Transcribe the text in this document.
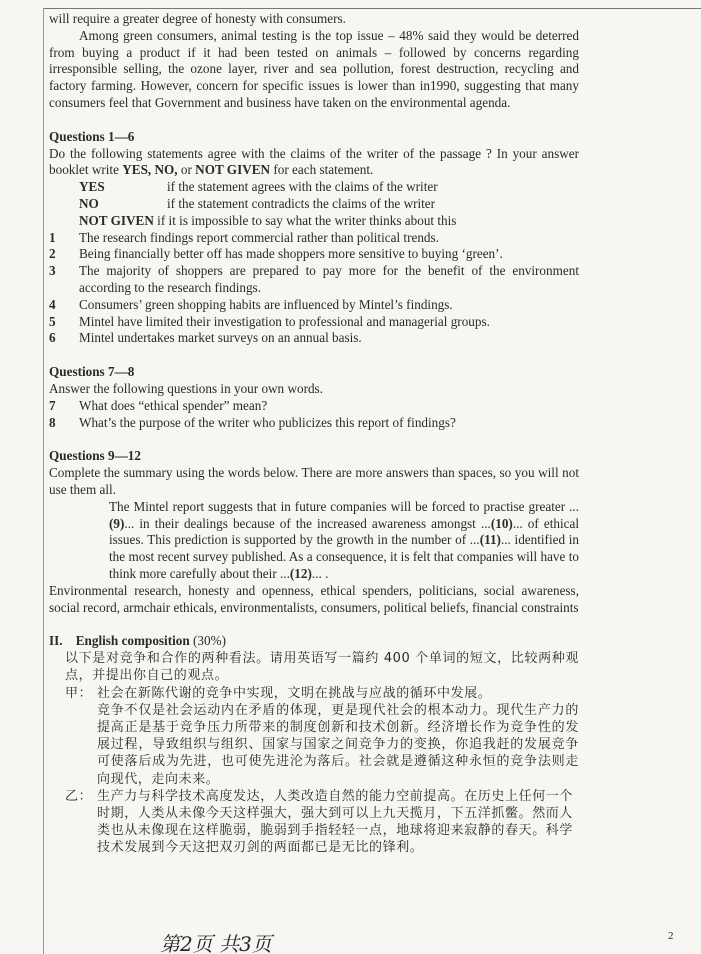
will require a greater degree of honesty with consumers.

Among green consumers, animal testing is the top issue – 48% said they would be deterred from buying a product if it had been tested on animals – followed by concerns regarding irresponsible selling, the ozone layer, river and sea pollution, forest destruction, recycling and factory farming. However, concern for specific issues is lower than in1990, suggesting that many consumers feel that Government and business have taken on the environmental agenda.

Questions 1—6

Do the following statements agree with the claims of the writer of the passage ? In your answer booklet write YES, NO, or NOT GIVEN for each statement.

YES	if the statement agrees with the claims of the writer
NO	if the statement contradicts the claims of the writer
NOT GIVEN if it is impossible to say what the writer thinks about this
1	The research findings report commercial rather than political trends.
2	Being financially better off has made shoppers more sensitive to buying ‘green’.
3	The majority of shoppers are prepared to pay more for the benefit of the environment according to the research findings.
4	Consumers’ green shopping habits are influenced by Mintel’s findings.
5	Mintel have limited their investigation to professional and managerial groups.
6	Mintel undertakes market surveys on an annual basis.
Questions 7—8

Answer the following questions in your own words.

7	What does “ethical spender” mean?
8	What’s the purpose of the writer who publicizes this report of findings?
Questions 9—12

Complete the summary using the words below. There are more answers than spaces, so you will not use them all.

The Mintel report suggests that in future companies will be forced to practise greater ...(9)... in their dealings because of the increased awareness amongst ...(10)... of ethical issues. This prediction is supported by the growth in the number of ...(11)... identified in the most recent survey published. As a consequence, it is felt that companies will have to think more carefully about their ...(12)... .

Environmental research, honesty and openness, ethical spenders, politicians, social awareness, social record, armchair ethicals, environmentalists, consumers, political beliefs, financial constraints

II. English composition (30%)

以下是对竞争和合作的两种看法。请用英语写一篇约 400 个单词的短文，比较两种观点，并提出你自己的观点。

甲： 社会在新陈代谢的竞争中实现，文明在挑战与应战的循环中发展。

竞争不仅是社会运动内在矛盾的体现，更是现代社会的根本动力。现代生产力的提高正是基于竞争压力所带来的制度创新和技术创新。经济增长作为竞争性的发展过程，导致组织与组织、国家与国家之间竞争力的变换，你追我赶的发展竞争可使落后成为先进，也可使先进沦为落后。社会就是遵循这种永恒的竞争法则走向现代，走向未来。

乙： 生产力与科学技术高度发达，人类改造自然的能力空前提高。在历史上任何一个时期，人类从未像今天这样强大，强大到可以上九天揽月，下五洋抓鳖。然而人类也从未像现在这样脆弱，脆弱到手指轻轻一点，地球将迎来寂静的春天。科学技术发展到今天这把双刃剑的两面都已是无比的锋利。
第2页 共3页	2
